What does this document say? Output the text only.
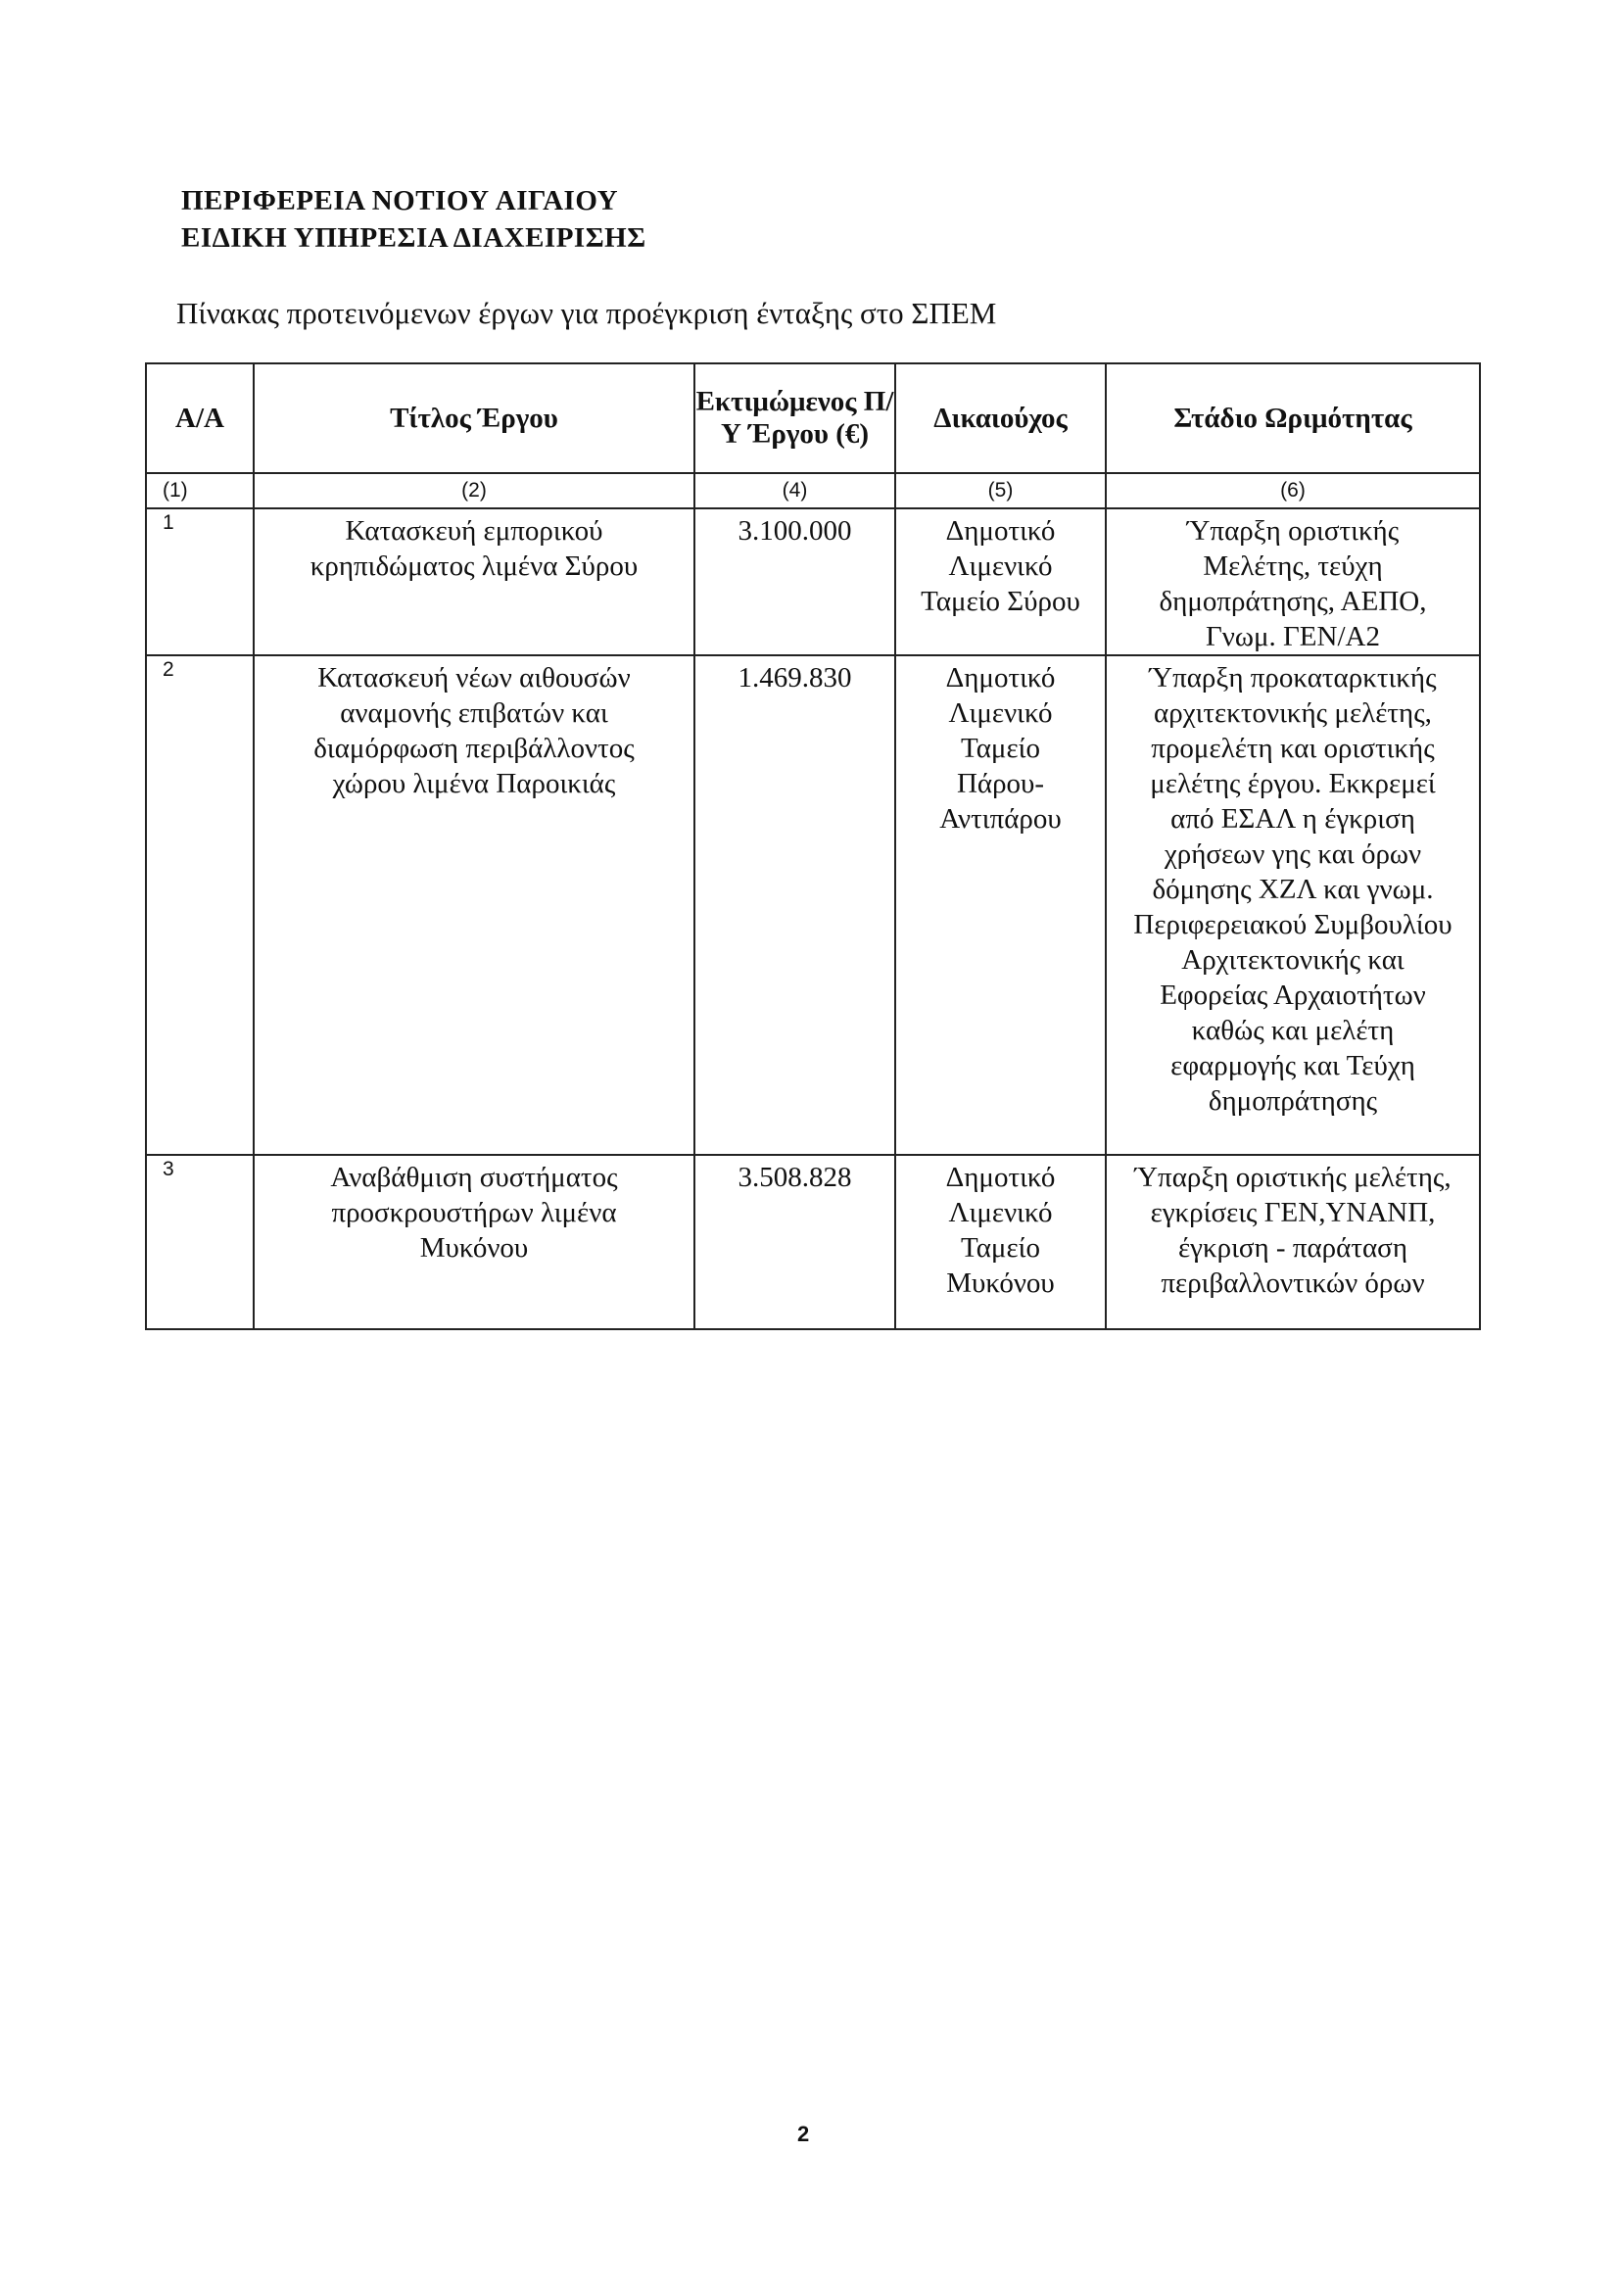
ΠΕΡΙΦΕΡΕΙΑ ΝΟΤΙΟΥ ΑΙΓΑΙΟΥ
ΕΙΔΙΚΗ ΥΠΗΡΕΣΙΑ ΔΙΑΧΕΙΡΙΣΗΣ
Πίνακας προτεινόμενων έργων για προέγκριση ένταξης στο ΣΠΕΜ
Α/Α	Τίτλος Έργου	Εκτιμώμενος Π/Υ Έργου (€)	Δικαιούχος	Στάδιο Ωριμότητας
(1)	(2)	(4)	(5)	(6)
1	Κατασκευή εμπορικού κρηπιδώματος λιμένα Σύρου	3.100.000	Δημοτικό Λιμενικό Ταμείο Σύρου	Ύπαρξη οριστικής Μελέτης, τεύχη δημοπράτησης, ΑΕΠΟ, Γνωμ. ΓΕΝ/Α2

2	Κατασκευή νέων αιθουσών αναμονής επιβατών και διαμόρφωση περιβάλλοντος χώρου λιμένα Παροικιάς	1.469.830	Δημοτικό Λιμενικό Ταμείο Πάρου-Αντιπάρου	Ύπαρξη προκαταρκτικής αρχιτεκτονικής μελέτης, προμελέτη και οριστικής μελέτης έργου. Εκκρεμεί από ΕΣΑΛ η έγκριση χρήσεων γης και όρων δόμησης ΧΖΛ και γνωμ. Περιφερειακού Συμβουλίου Αρχιτεκτονικής και Εφορείας Αρχαιοτήτων καθώς και μελέτη εφαρμογής και Τεύχη δημοπράτησης

3	Αναβάθμιση συστήματος προσκρουστήρων λιμένα Μυκόνου	3.508.828	Δημοτικό Λιμενικό Ταμείο Μυκόνου	Ύπαρξη οριστικής μελέτης, εγκρίσεις ΓΕΝ,ΥΝΑΝΠ, έγκριση - παράταση περιβαλλοντικών όρων
2
